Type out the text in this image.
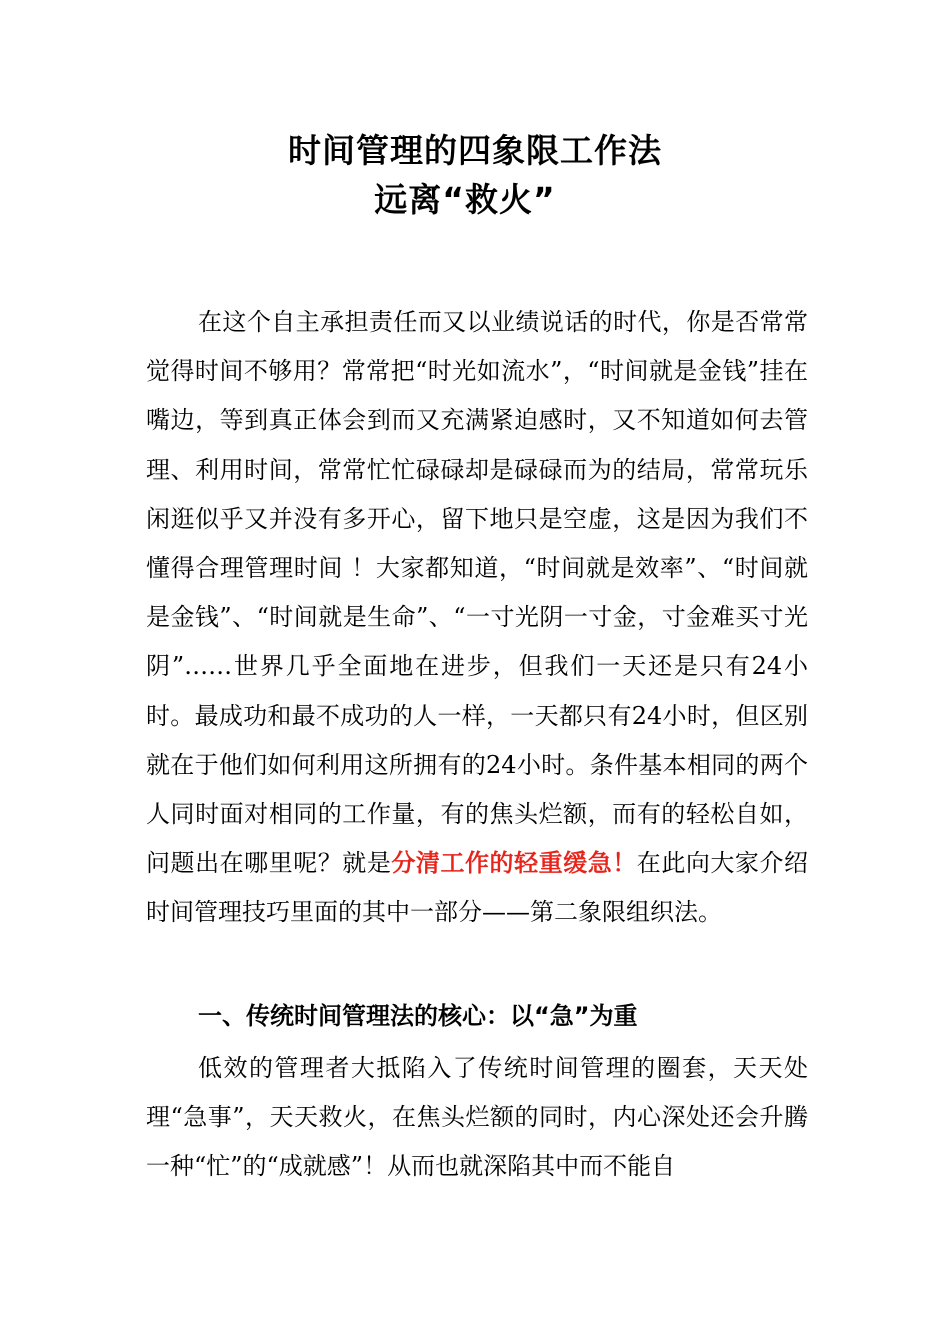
时间管理的四象限工作法
远离“救火”

在这个自主承担责任而又以业绩说话的时代，你是否常常觉得时间不够用？常常把“时光如流水”，“时间就是金钱”挂在嘴边，等到真正体会到而又充满紧迫感时，又不知道如何去管理、利用时间，常常忙忙碌碌却是碌碌而为的结局，常常玩乐闲逛似乎又并没有多开心，留下地只是空虚，这是因为我们不懂得合理管理时间 ！大家都知道，“时间就是效率”、“时间就是金钱”、“时间就是生命”、“一寸光阴一寸金，寸金难买寸光阴”……世界几乎全面地在进步，但我们一天还是只有24小时。最成功和最不成功的人一样，一天都只有24小时，但区别就在于他们如何利用这所拥有的24小时。条件基本相同的两个人同时面对相同的工作量，有的焦头烂额，而有的轻松自如，问题出在哪里呢？就是分清工作的轻重缓急！在此向大家介绍时间管理技巧里面的其中一部分——第二象限组织法。

一、传统时间管理法的核心：以“急”为重

低效的管理者大抵陷入了传统时间管理的圈套，天天处理“急事”，天天救火，在焦头烂额的同时，内心深处还会升腾一种“忙”的“成就感”！从而也就深陷其中而不能自
